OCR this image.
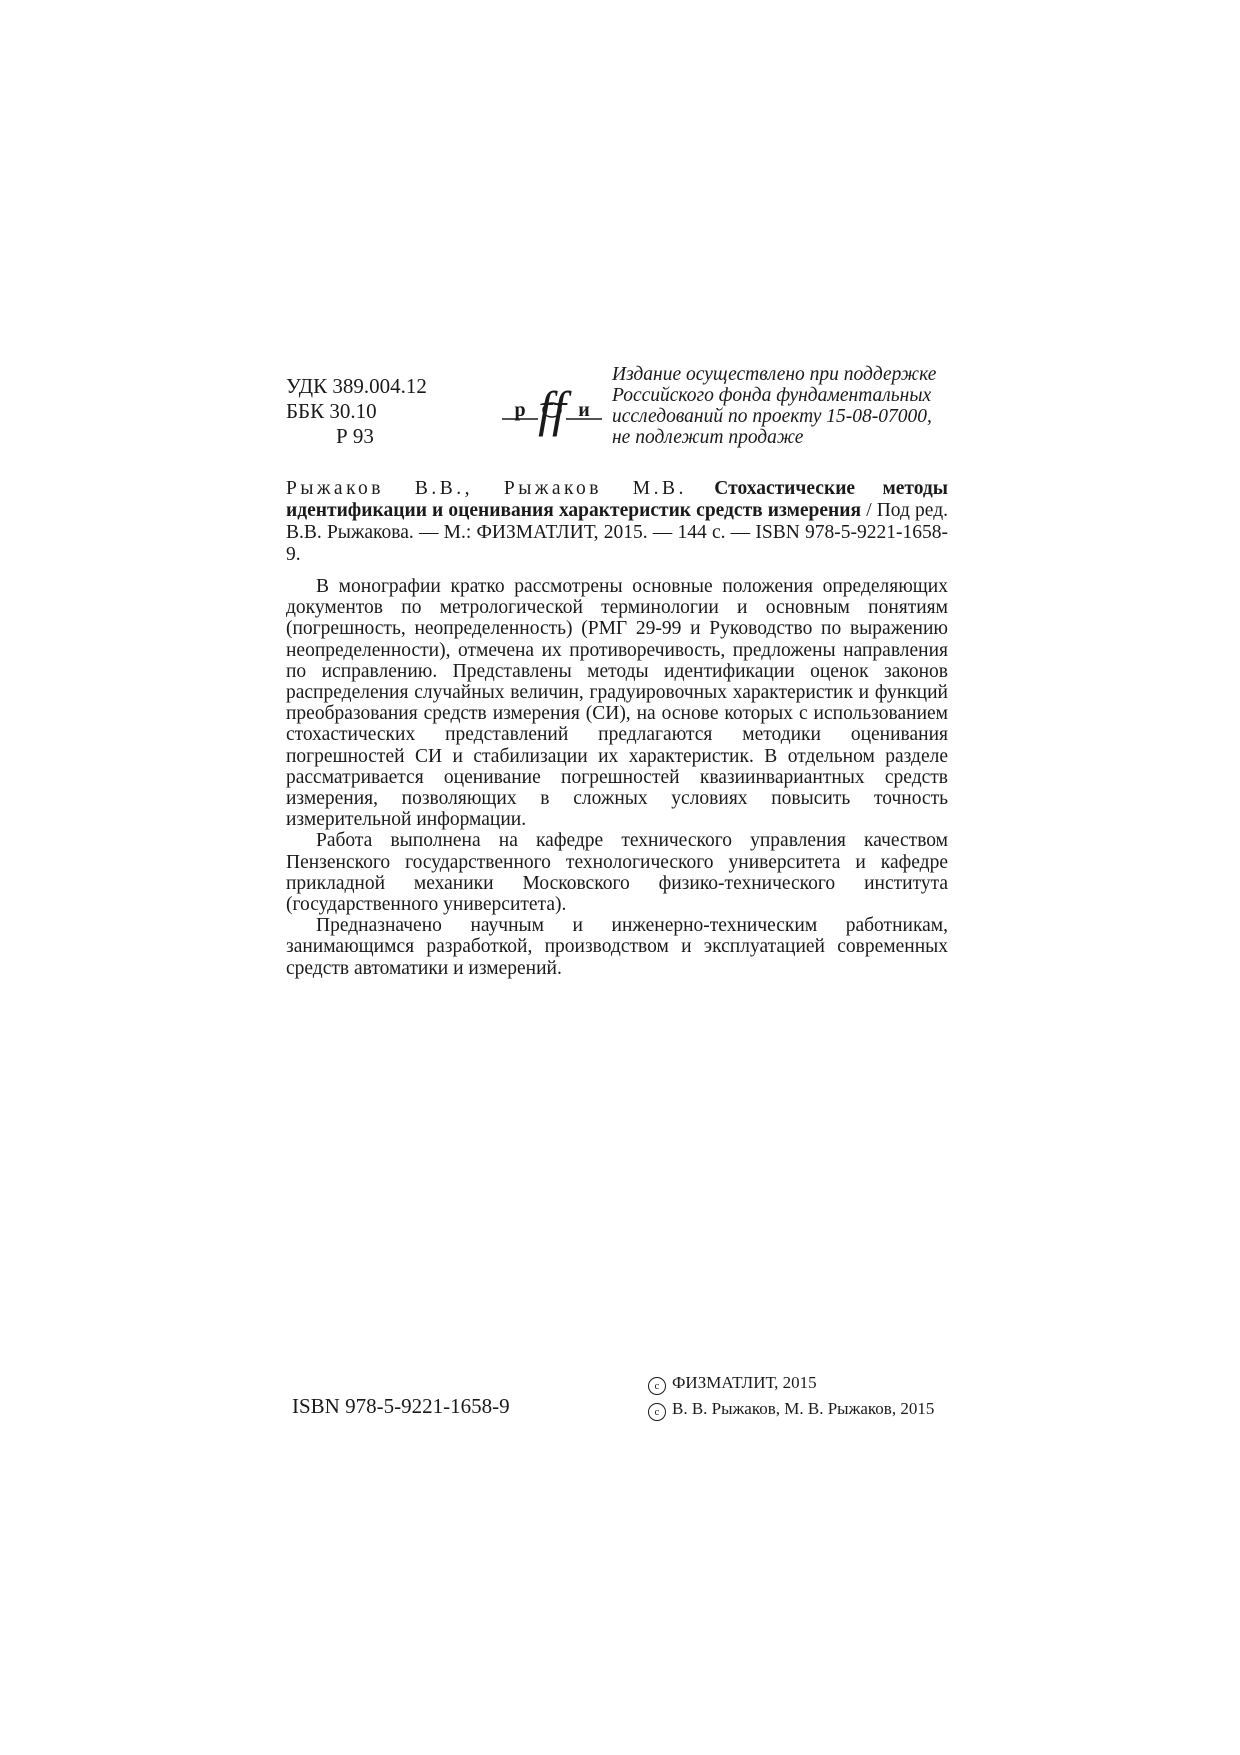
УДК 389.004.12
ББК 30.10
Р 93
р	и
ff
Издание осуществлено при поддержке
Российского фонда фундаментальных
исследований по проекту 15-08-07000,
не подлежит продаже
Рыжаков В.В., Рыжаков М.В. Стохастические методы идентификации и оценивания характеристик средств измерения / Под ред. В.В. Рыжакова. — М.: ФИЗМАТЛИТ, 2015. — 144 с. — ISBN 978-5-9221-1658-9.

В монографии кратко рассмотрены основные положения определяющих документов по метрологической терминологии и основным понятиям (погрешность, неопределенность) (РМГ 29-99 и Руководство по выражению неопределенности), отмечена их противоречивость, предложены направления по исправлению. Представлены методы идентификации оценок законов распределения случайных величин, градуировочных характеристик и функций преобразования средств измерения (СИ), на основе которых с использованием стохастических представлений предлагаются методики оценивания погрешностей СИ и стабилизации их характеристик. В отдельном разделе рассматривается оценивание погрешностей квазиинвариантных средств измерения, позволяющих в сложных условиях повысить точность измерительной информации.

Работа выполнена на кафедре технического управления качеством Пензенского государственного технологического университета и кафедре прикладной механики Московского физико-технического института (государственного университета).

Предназначено научным и инженерно-техническим работникам, занимающимся разработкой, производством и эксплуатацией современных средств автоматики и измерений.

ISBN 978-5-9221-1658-9
c ФИЗМАТЛИТ, 2015
c В. В. Рыжаков, М. В. Рыжаков, 2015
